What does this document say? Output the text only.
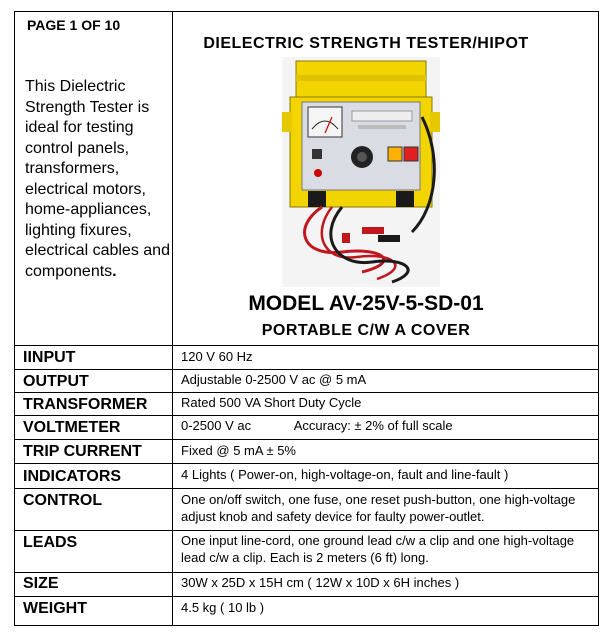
PAGE 1 OF 10
This Dielectric Strength Tester is ideal for testing control panels, transformers, electrical motors, home-appliances, lighting fixures, electrical cables and components.
DIELECTRIC STRENGTH TESTER/HIPOT
MODEL AV-25V-5-SD-01
PORTABLE C/W A COVER
IINPUT	120 V 60 Hz
OUTPUT	Adjustable 0-2500 V ac @ 5 mA
TRANSFORMER	Rated 500 VA Short Duty Cycle
VOLTMETER	0-2500 V ac            Accuracy: ± 2% of full scale
TRIP CURRENT	Fixed @ 5 mA ± 5%
INDICATORS	4 Lights ( Power-on, high-voltage-on, fault and line-fault )
CONTROL	One on/off switch, one fuse, one reset push-button, one high-voltage adjust knob and safety device for faulty power-outlet.
LEADS	One input line-cord, one ground lead c/w a clip and one high-voltage lead c/w a clip. Each is 2 meters (6 ft) long.
SIZE	30W x 25D x 15H cm ( 12W x 10D x 6H inches )
WEIGHT	4.5 kg ( 10 lb )
